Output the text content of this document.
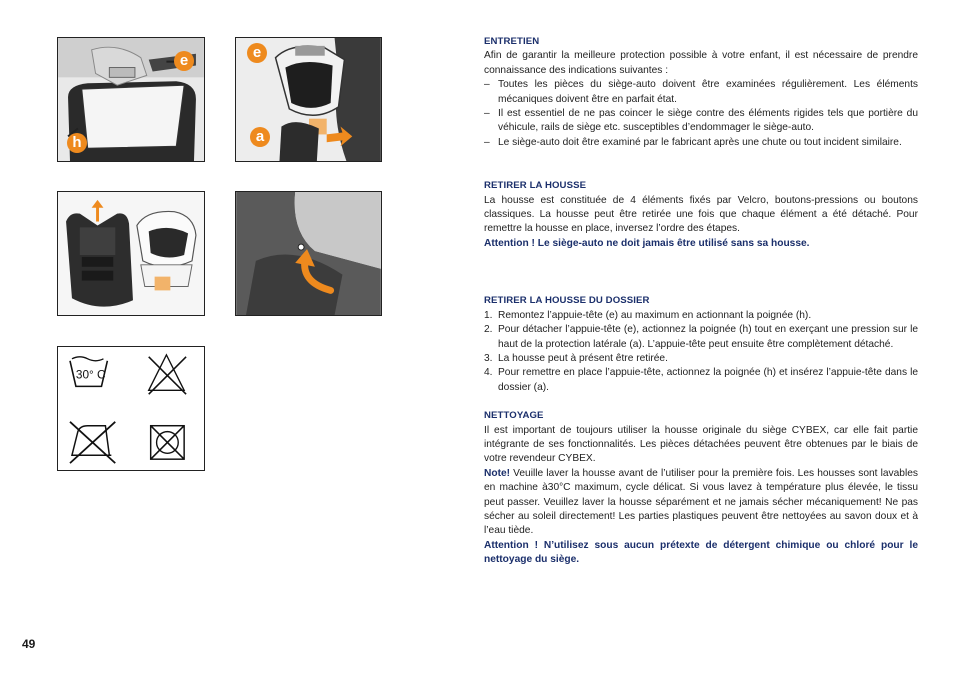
e
h
e
a
30° C
ENTRETIEN

Afin de garantir la meilleure protection possible à votre enfant, il est nécessaire de prendre connaissance des indications suivantes :

– Toutes les pièces du siège-auto doivent être examinées régulièrement. Les éléments mécaniques doivent être en parfait état.
– Il est essentiel de ne pas coincer le siège contre des éléments rigides tels que portière du véhicule, rails de siège etc. susceptibles d’endommager le siège-auto.
– Le siège-auto doit être examiné par le fabricant après une chute ou tout incident similaire.
RETIRER LA HOUSSE

La housse est constituée de 4 éléments fixés par Velcro, boutons-pressions ou boutons classiques. La housse peut être retirée une fois que chaque élément a été détaché. Pour remettre la housse en place, inversez l’ordre des étapes.

Attention ! Le siège-auto ne doit jamais être utilisé sans sa housse.

RETIRER LA HOUSSE DU DOSSIER
1. Remontez l’appuie-tête (e) au maximum en actionnant la poignée (h).
2. Pour détacher l’appuie-tête (e), actionnez la poignée (h) tout en exerçant une pression sur le haut de la protection latérale (a). L’appuie-tête peut ensuite être complètement détaché.
3. La housse peut à présent être retirée.
4. Pour remettre en place l’appuie-tête, actionnez la poignée (h) et insérez l’appuie-tête dans le dossier (a).
NETTOYAGE

Il est important de toujours utiliser la housse originale du siège CYBEX, car elle fait partie intégrante de ses fonctionnalités. Les pièces détachées peuvent être obtenues par le biais de votre revendeur CYBEX.

Note! Veuille laver la housse avant de l’utiliser pour la première fois. Les housses sont lavables en machine à30°C maximum, cycle délicat. Si vous lavez à température plus élevée, le tissu peut passer. Veuillez laver la housse séparément et ne jamais sécher mécaniquement! Ne pas sécher au soleil directement! Les parties plastiques peuvent être nettoyées au savon doux et à l’eau tiède.

Attention ! N’utilisez sous aucun prétexte de détergent chimique ou chloré pour le nettoyage du siège.

49
